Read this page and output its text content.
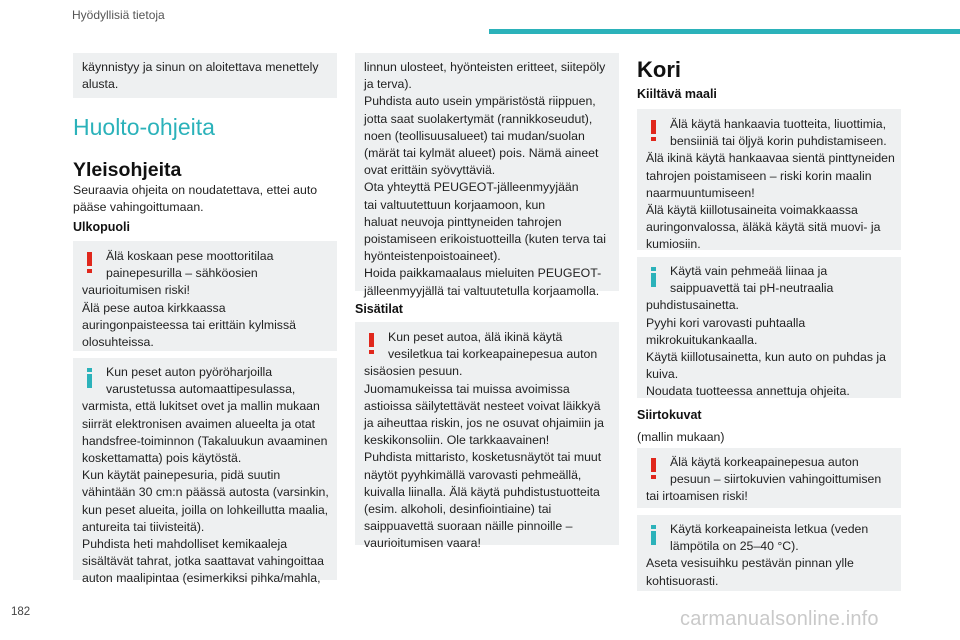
Hyödyllisiä tietoja
käynnistyy ja sinun on aloitettava menettely
alusta.
Huolto-ohjeita
Yleisohjeita
Seuraavia ohjeita on noudatettava, ettei auto
pääse vahingoittumaan.
Ulkopuoli
Älä koskaan pese moottoritilaa
painepesurilla – sähköosien
vaurioitumisen riski!
Älä pese autoa kirkkaassa
auringonpaisteessa tai erittäin kylmissä
olosuhteissa.
Kun peset auton pyöröharjoilla
varustetussa automaattipesulassa,
varmista, että lukitset ovet ja mallin mukaan
siirrät elektronisen avaimen alueelta ja otat
handsfree-toiminnon (Takaluukun avaaminen
koskettamatta) pois käytöstä.
Kun käytät painepesuria, pidä suutin
vähintään 30 cm:n päässä autosta (varsinkin,
kun peset alueita, joilla on lohkeillutta maalia,
antureita tai tiivisteitä).
Puhdista heti mahdolliset kemikaaleja
sisältävät tahrat, jotka saattavat vahingoittaa
auton maalipintaa (esimerkiksi pihka/mahla,
linnun ulosteet, hyönteisten eritteet, siitepöly
ja terva).
Puhdista auto usein ympäristöstä riippuen,
jotta saat suolakertymät (rannikkoseudut),
noen (teollisuusalueet) tai mudan/suolan
(märät tai kylmät alueet) pois. Nämä aineet
ovat erittäin syövyttäviä.
Ota yhteyttä PEUGEOT-jälleenmyyjään
tai valtuutettuun korjaamoon, kun
haluat neuvoja pinttyneiden tahrojen
poistamiseen erikoistuotteilla (kuten terva tai
hyönteistenpoistoaineet).
Hoida paikkamaalaus mieluiten PEUGEOT-
jälleenmyyjällä tai valtuutetulla korjaamolla.
Sisätilat
Kun peset autoa, älä ikinä käytä
vesiletkua tai korkeapainepesua auton
sisäosien pesuun.
Juomamukeissa tai muissa avoimissa
astioissa säilytettävät nesteet voivat läikkyä
ja aiheuttaa riskin, jos ne osuvat ohjaimiin ja
keskikonsoliin. Ole tarkkaavainen!
Puhdista mittaristo, kosketusnäytöt tai muut
näytöt pyyhkimällä varovasti pehmeällä,
kuivalla liinalla. Älä käytä puhdistustuotteita
(esim. alkoholi, desinfiointiaine) tai
saippuavettä suoraan näille pinnoille –
vaurioitumisen vaara!
Kori
Kiiltävä maali
Älä käytä hankaavia tuotteita, liuottimia,
bensiiniä tai öljyä korin puhdistamiseen.
Älä ikinä käytä hankaavaa sientä pinttyneiden
tahrojen poistamiseen – riski korin maalin
naarmuuntumiseen!
Älä käytä kiillotusaineita voimakkaassa
auringonvalossa, äläkä käytä sitä muovi- ja
kumiosiin.
Käytä vain pehmeää liinaa ja
saippuavettä tai pH-neutraalia
puhdistusainetta.
Pyyhi kori varovasti puhtaalla
mikrokuitukankaalla.
Käytä kiillotusainetta, kun auto on puhdas ja
kuiva.
Noudata tuotteessa annettuja ohjeita.
Siirtokuvat
(mallin mukaan)
Älä käytä korkeapainepesua auton
pesuun – siirtokuvien vahingoittumisen
tai irtoamisen riski!
Käytä korkeapaineista letkua (veden
lämpötila on 25–40 °C).
Aseta vesisuihku pestävän pinnan ylle
kohtisuorasti.
182	carmanualsonline.info
